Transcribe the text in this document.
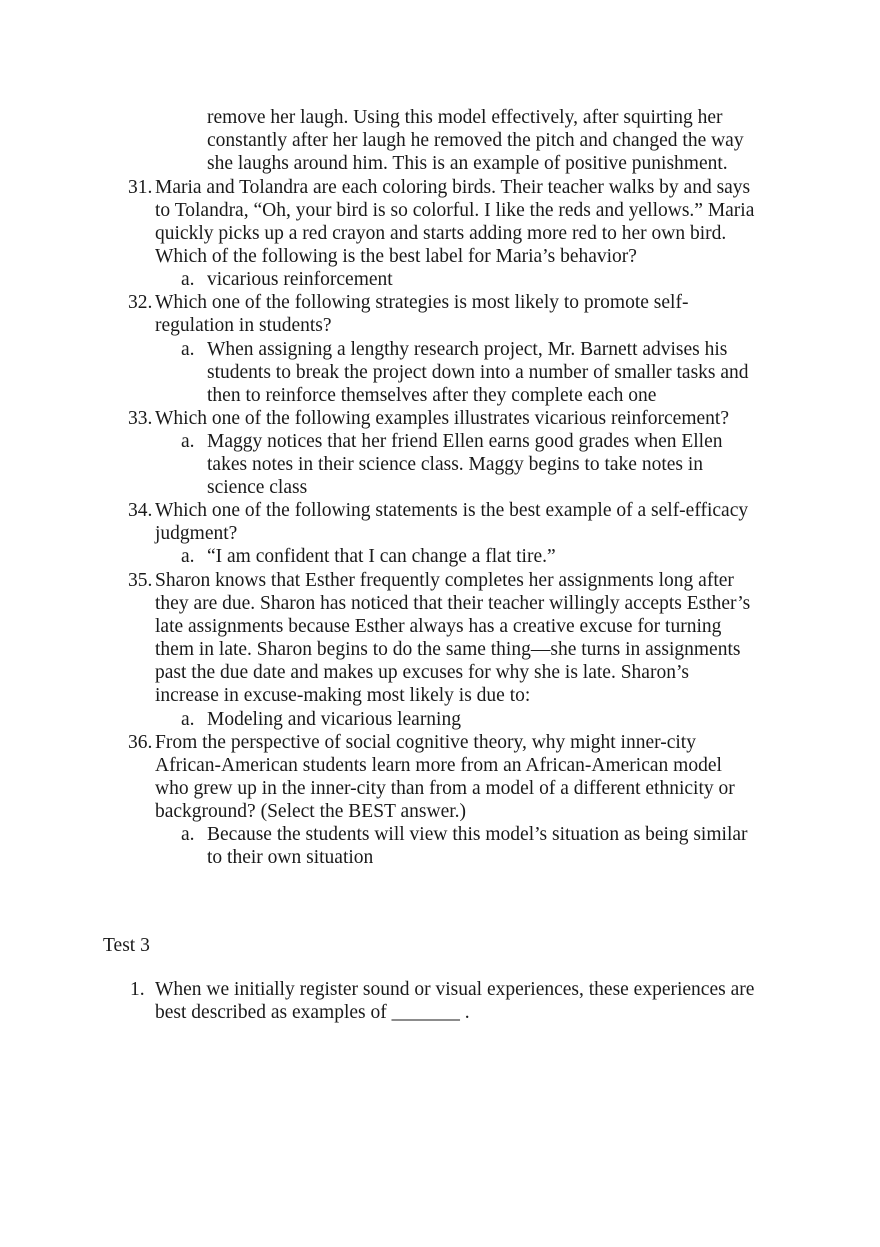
remove her laugh. Using this model effectively, after squirting her

constantly after her laugh he removed the pitch and changed the way

she laughs around him. This is an example of positive punishment.

31. Maria and Tolandra are each coloring birds. Their teacher walks by and says

to Tolandra, “Oh, your bird is so colorful. I like the reds and yellows.” Maria

quickly picks up a red crayon and starts adding more red to her own bird.

Which of the following is the best label for Maria’s behavior?

a. vicarious reinforcement

32. Which one of the following strategies is most likely to promote self-

regulation in students?

a. When assigning a lengthy research project, Mr. Barnett advises his

students to break the project down into a number of smaller tasks and

then to reinforce themselves after they complete each one

33. Which one of the following examples illustrates vicarious reinforcement?

a. Maggy notices that her friend Ellen earns good grades when Ellen

takes notes in their science class. Maggy begins to take notes in

science class

34. Which one of the following statements is the best example of a self-efficacy

judgment?

a. “I am confident that I can change a flat tire.”

35. Sharon knows that Esther frequently completes her assignments long after

they are due. Sharon has noticed that their teacher willingly accepts Esther’s

late assignments because Esther always has a creative excuse for turning

them in late. Sharon begins to do the same thing—she turns in assignments

past the due date and makes up excuses for why she is late. Sharon’s

increase in excuse-making most likely is due to:

a. Modeling and vicarious learning

36. From the perspective of social cognitive theory, why might inner-city

African-American students learn more from an African-American model

who grew up in the inner-city than from a model of a different ethnicity or

background? (Select the BEST answer.)

a. Because the students will view this model’s situation as being similar

to their own situation

Test 3

1. When we initially register sound or visual experiences, these experiences are

best described as examples of _______ .
